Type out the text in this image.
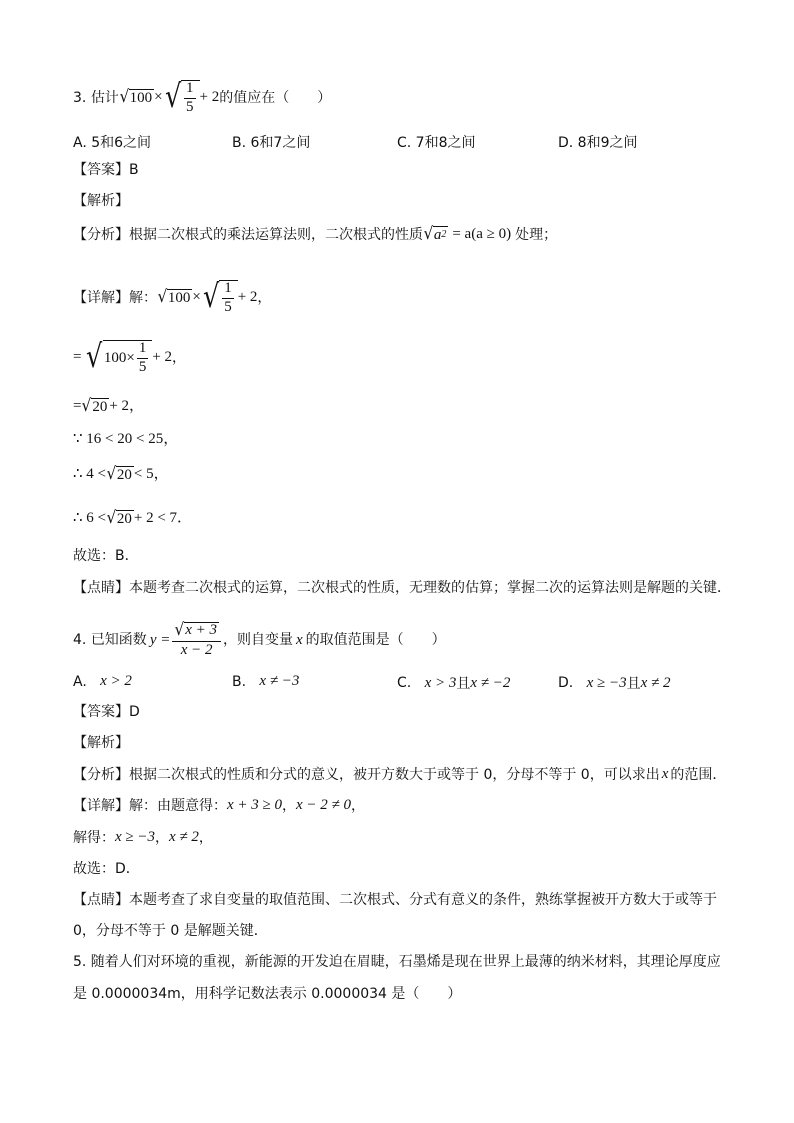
3.
估计 √ 100 × √ $\frac{1}{5} + 2$ 的值应在（　　）
A. 5和6之间	B. 6和7之间	C. 7和8之间	D. 8和9之间
【答案】 B
【解析】
【分析】 根据二次根式的乘法运算法则，二次根式的性质 √ a 2 = a(a ≥ 0) 处理；
【详解】 解： √ 100 × √ $\frac{1}{5} + 2$ ，
= √ $100\times \frac{1}{5} + 2$ ，
= √ 20 + 2，
∵ 16 < 20 < 25，
∴ 4 < √ 20 < 5，
∴ 6 < √ 20 + 2 < 7．
故选：B．
【点睛】 本题考查二次根式的运算，二次根式的性质，无理数的估算；掌握二次的运算法则是解题的关键．
4.
已知函数 $y = \frac{√ x + 3}{x - 2}$ ，则自变量 x 的取值范围是（　　）
A.
x > 2	B.
x ≠ −3	C.
x > 3 且 x ≠ −2	D.
x ≥ −3 且 x ≠ 2
【答案】 D
【解析】
【分析】 根据二次根式的性质和分式的意义，被开方数大于或等于 0，分母不等于 0，可以求出 x 的范围．
【详解】 解：由题意得： x + 3 ≥ 0 ， x − 2 ≠ 0 ，
解得： x ≥ −3 ， x ≠ 2 ，
故选：D．
【点睛】 本题考查了求自变量的取值范围、二次根式、分式有意义的条件，熟练掌握被开方数大于或等于
0，分母不等于 0 是解题关键．
5. 随着人们对环境的重视，新能源的开发迫在眉睫，石墨烯是现在世界上最薄的纳米材料，其理论厚度应
是 0.0000034m，用科学记数法表示 0.0000034 是（　　）
